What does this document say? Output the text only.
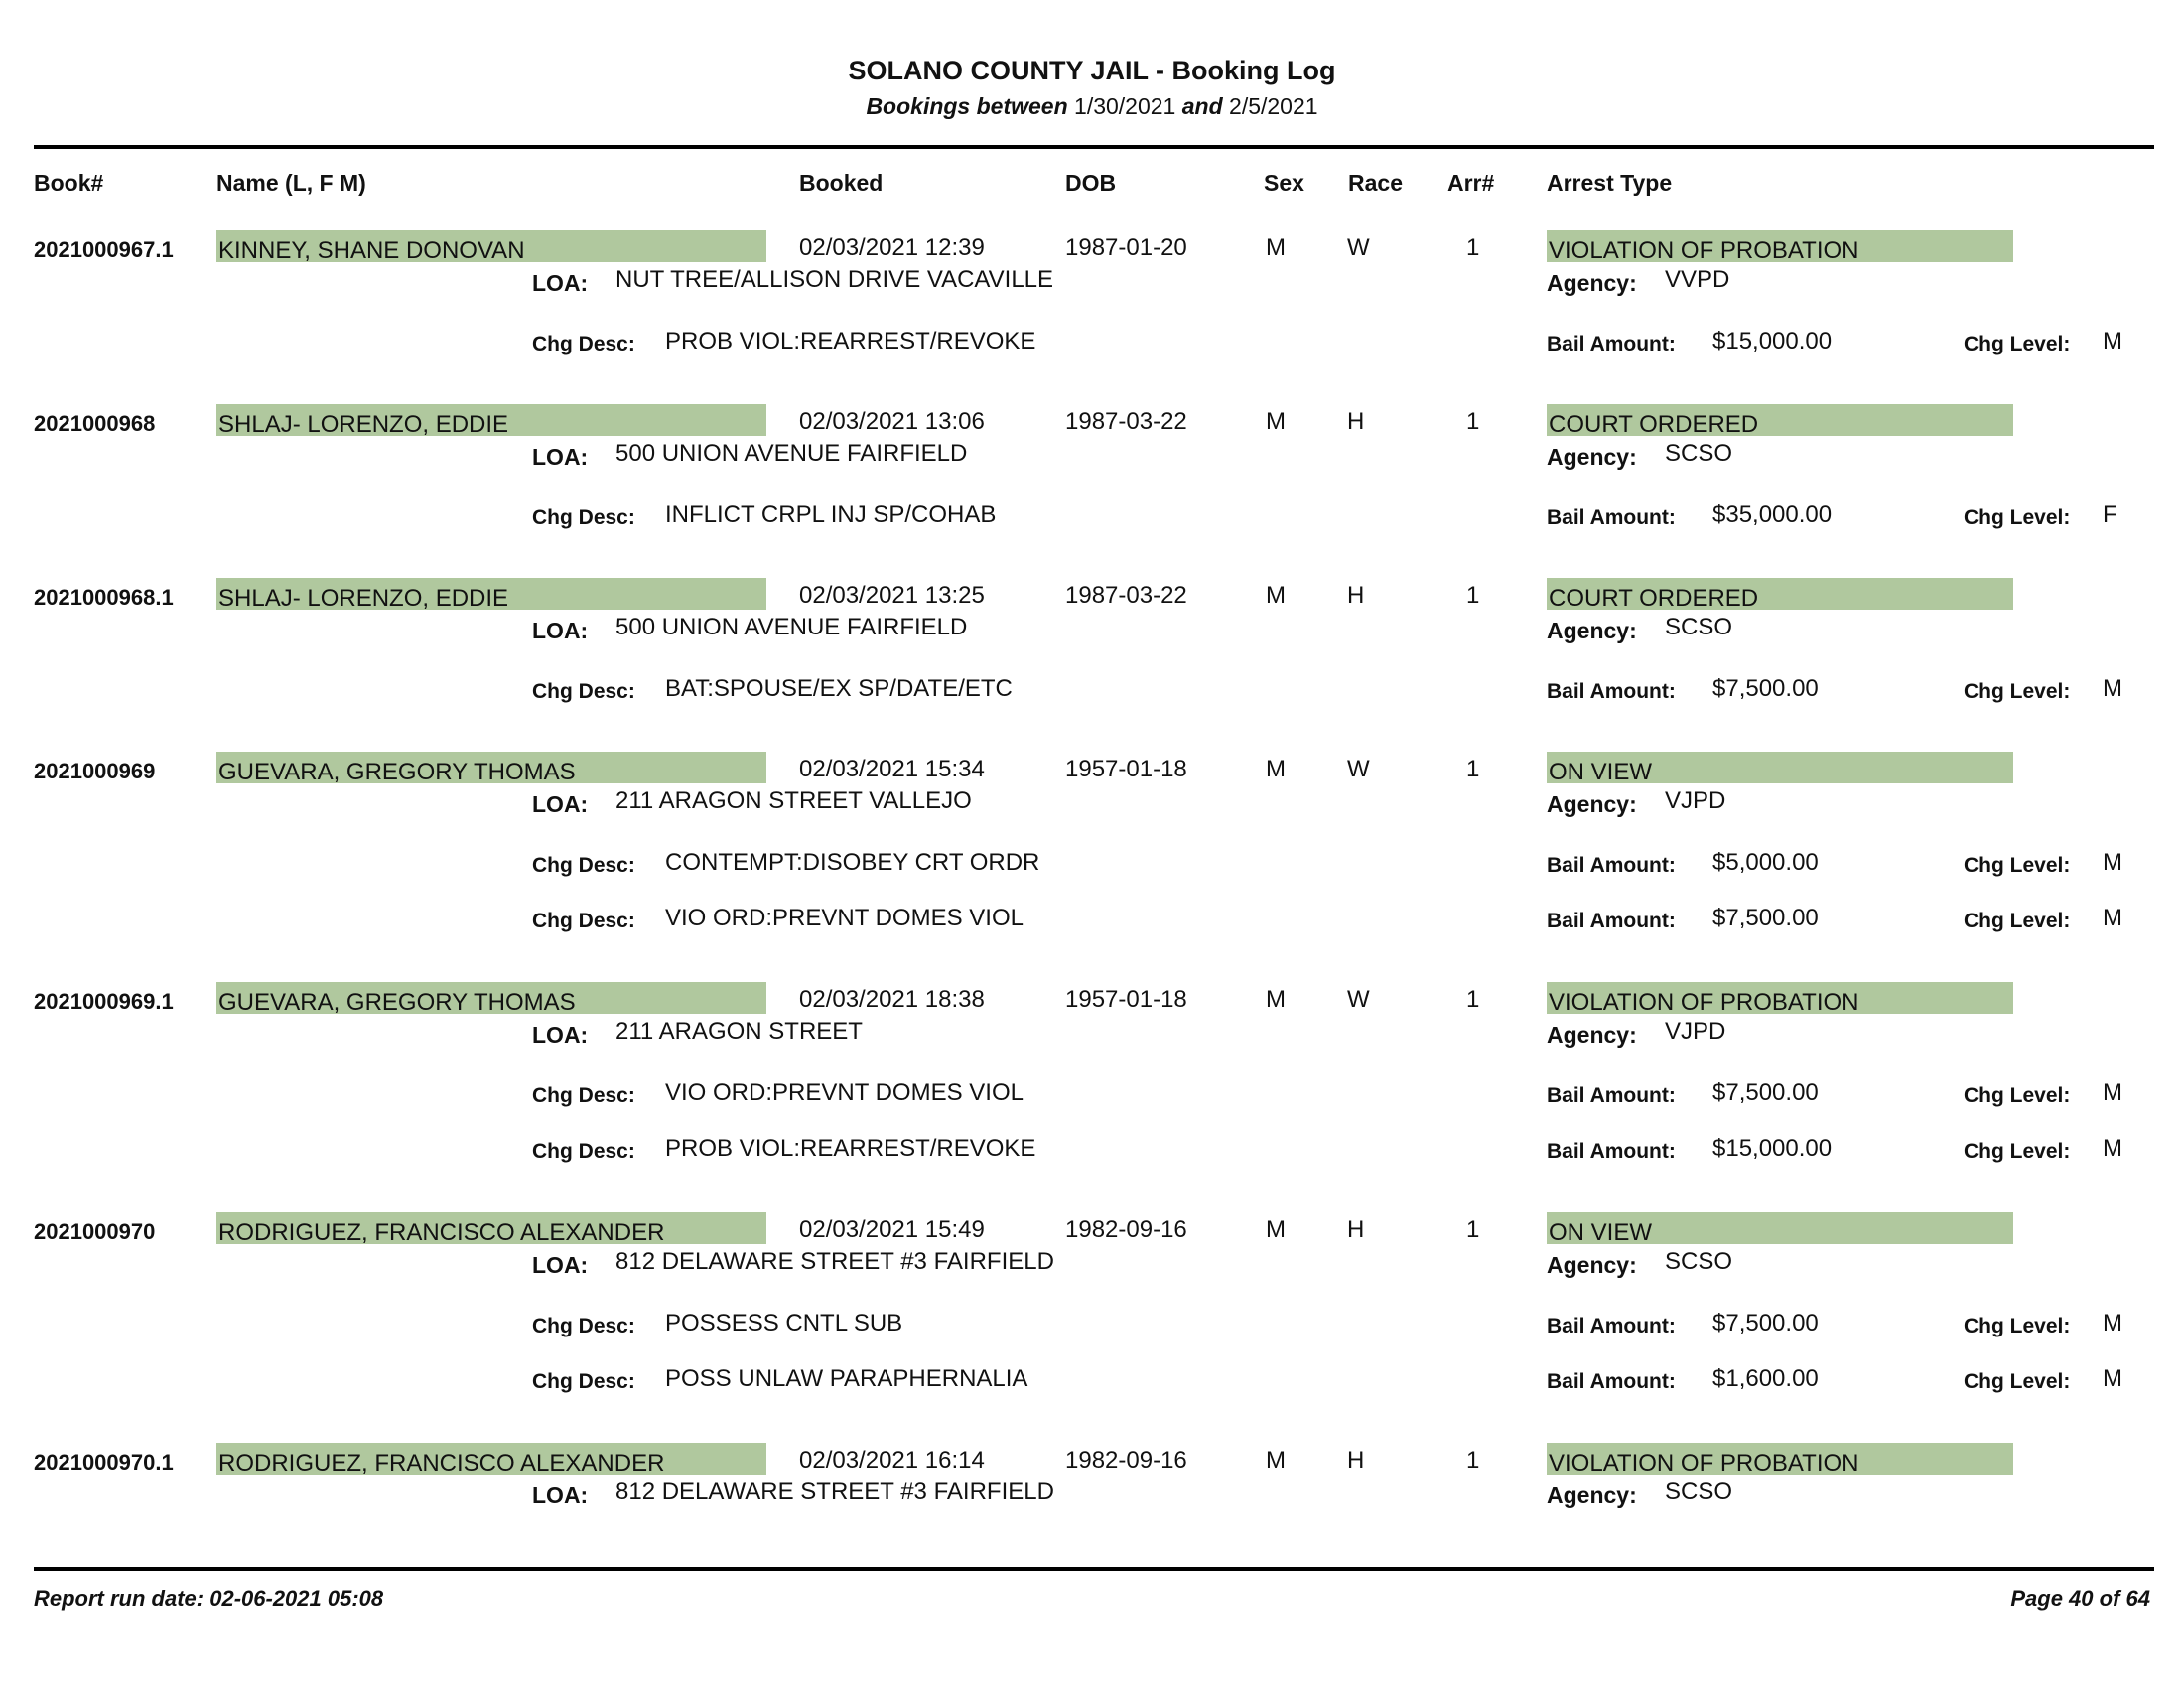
SOLANO COUNTY JAIL - Booking Log
Bookings between 1/30/2021 and 2/5/2021
Book#	Name (L, F M)	Booked	DOB	Sex Race Arr# Arrest Type
2021000967.1 KINNEY, SHANE DONOVAN	02/03/2021 12:39	1987-01-20	M	W	1	VIOLATION OF PROBATION
LOA: NUT TREE/ALLISON DRIVE VACAVILLE	Agency: VVPD
Chg Desc: PROB VIOL:REARREST/REVOKE	Bail Amount: $15,000.00	Chg Level: M
2021000968	SHLAJ- LORENZO, EDDIE	02/03/2021 13:06	1987-03-22	M	H	1	COURT ORDERED
LOA: 500 UNION AVENUE FAIRFIELD	Agency: SCSO
Chg Desc: INFLICT CRPL INJ SP/COHAB	Bail Amount: $35,000.00	Chg Level: F
2021000968.1 SHLAJ- LORENZO, EDDIE	02/03/2021 13:25	1987-03-22	M	H	1	COURT ORDERED
LOA: 500 UNION AVENUE FAIRFIELD	Agency: SCSO
Chg Desc: BAT:SPOUSE/EX SP/DATE/ETC	Bail Amount: $7,500.00	Chg Level: M
2021000969	GUEVARA, GREGORY THOMAS	02/03/2021 15:34	1957-01-18	M	W	1	ON VIEW
LOA: 211 ARAGON STREET VALLEJO	Agency: VJPD
Chg Desc: CONTEMPT:DISOBEY CRT ORDR	Bail Amount: $5,000.00	Chg Level: M
Chg Desc: VIO ORD:PREVNT DOMES VIOL	Bail Amount: $7,500.00	Chg Level: M
2021000969.1 GUEVARA, GREGORY THOMAS	02/03/2021 18:38	1957-01-18	M	W	1	VIOLATION OF PROBATION
LOA: 211 ARAGON STREET	Agency: VJPD
Chg Desc: VIO ORD:PREVNT DOMES VIOL	Bail Amount: $7,500.00	Chg Level: M
Chg Desc: PROB VIOL:REARREST/REVOKE	Bail Amount: $15,000.00	Chg Level: M
2021000970	RODRIGUEZ, FRANCISCO ALEXANDER	02/03/2021 15:49	1982-09-16	M	H	1	ON VIEW
LOA: 812 DELAWARE STREET #3 FAIRFIELD	Agency: SCSO
Chg Desc: POSSESS CNTL SUB	Bail Amount: $7,500.00	Chg Level: M
Chg Desc: POSS UNLAW PARAPHERNALIA	Bail Amount: $1,600.00	Chg Level: M
2021000970.1 RODRIGUEZ, FRANCISCO ALEXANDER	02/03/2021 16:14	1982-09-16	M	H	1	VIOLATION OF PROBATION
LOA: 812 DELAWARE STREET #3 FAIRFIELD	Agency: SCSO
Report run date: 02-06-2021 05:08	Page 40 of 64
